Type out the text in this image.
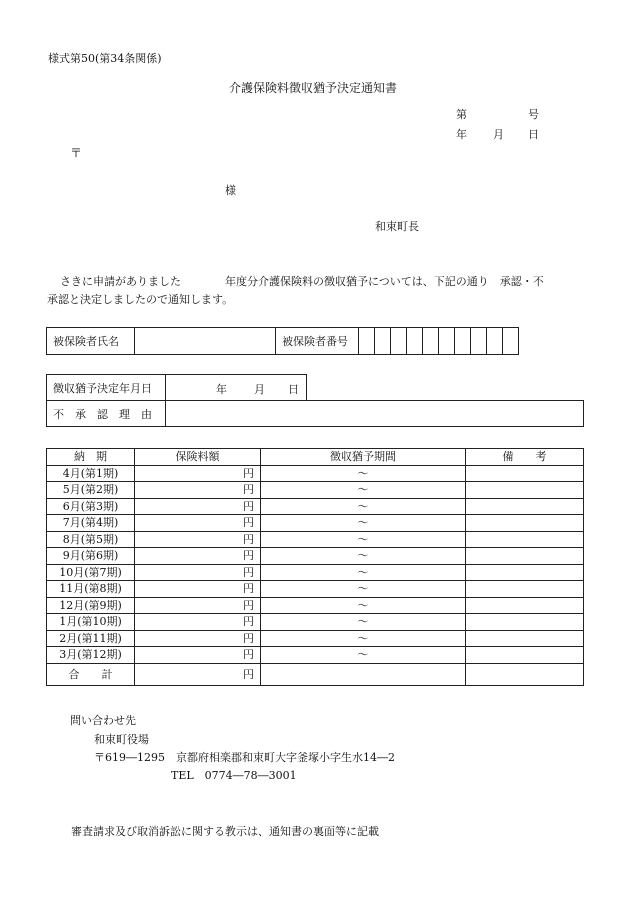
様式第50(第34条関係)
介護保険料徴収猶予決定通知書
第	号
年 月 日
〒
様
和束町長
さきに申請がありました　　　　年度分介護保険料の徴収猶予については、下記の通り　承認・不
承認と決定しましたので通知します。
被保険者氏名		被保険者番号										
徴収猶予決定年月日	年 月 日	

不　承　認　理　由		
納　期	保険料額	徴収猶予期間	備　　考
4月(第1期)	円	～	
5月(第2期)	円	～	
6月(第3期)	円	～	
7月(第4期)	円	～	
8月(第5期)	円	～	
9月(第6期)	円	～	
10月(第7期)	円	～	
11月(第8期)	円	～	
12月(第9期)	円	～	
1月(第10期)	円	～	
2月(第11期)	円	～	
3月(第12期)	円	～	
合　　計	円		
問い合わせ先
和束町役場
〒619―1295　京都府相楽郡和束町大字釜塚小字生水14―2
TEL　0774―78―3001
審査請求及び取消訴訟に関する教示は、通知書の裏面等に記載
